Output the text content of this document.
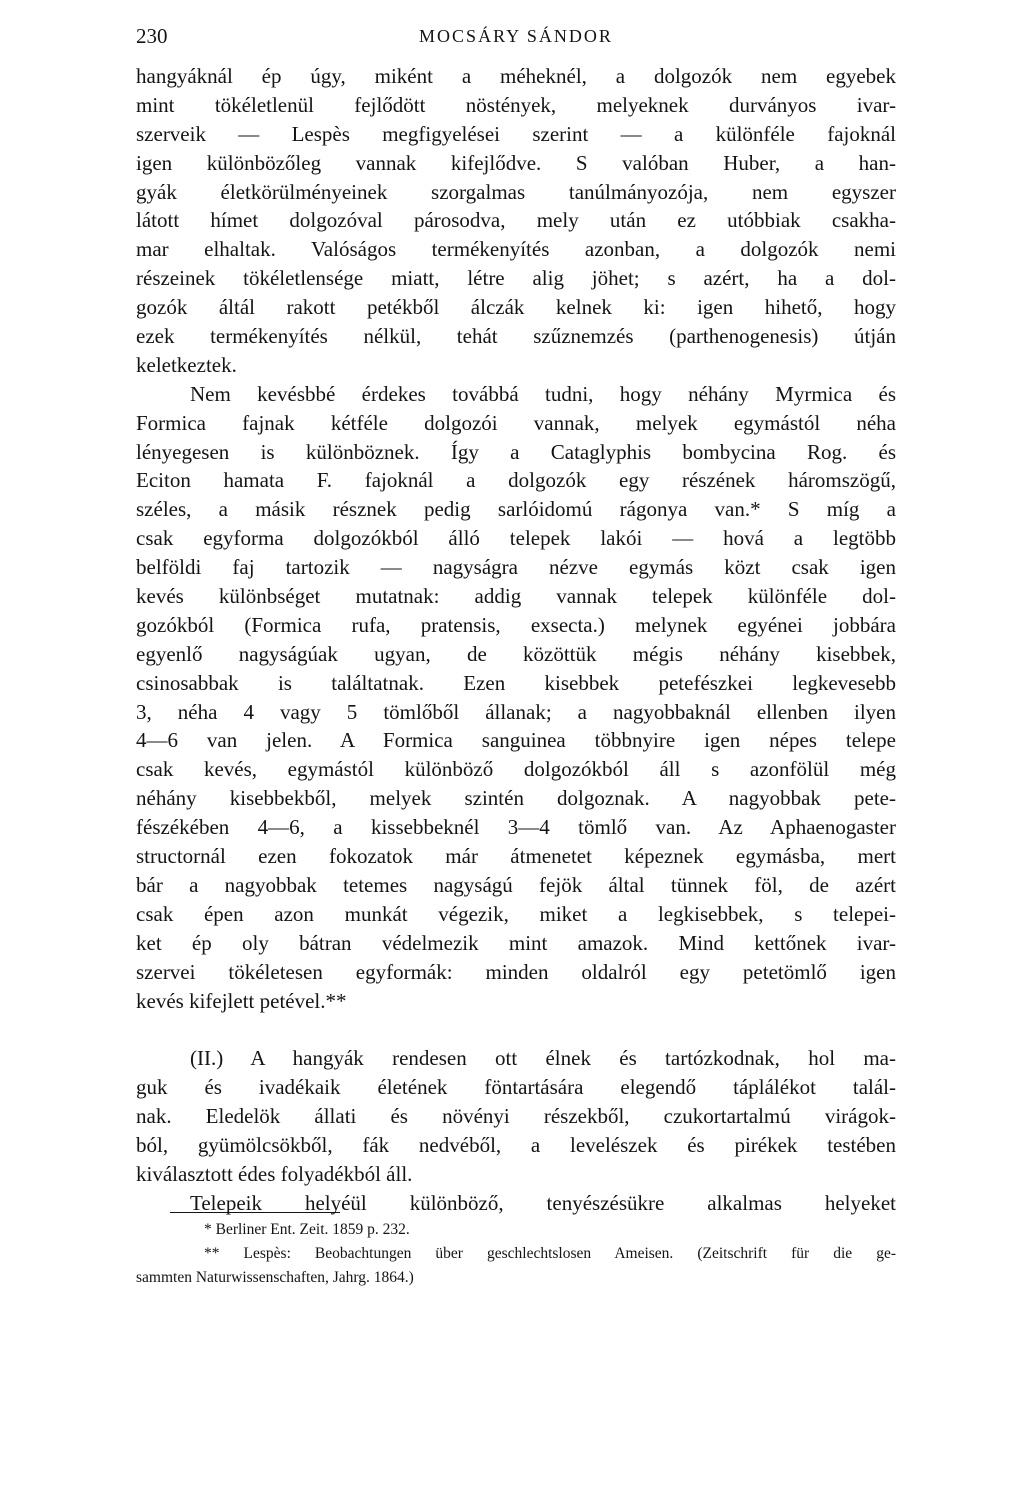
230	MOCSÁRY SÁNDOR
hangyáknál ép úgy, miként a méheknél, a dolgozók nem egyebek
mint tökéletlenül fejlődött nöstények, melyeknek durványos ivar-
szerveik — Lespès megfigyelései szerint — a különféle fajoknál
igen különbözőleg vannak kifejlődve. S valóban Huber, a han-
gyák életkörülményeinek szorgalmas tanúlmányozója, nem egyszer
látott hímet dolgozóval párosodva, mely után ez utóbbiak csakha-
mar elhaltak. Valóságos termékenyítés azonban, a dolgozók nemi
részeinek tökéletlensége miatt, létre alig jöhet; s azért, ha a dol-
gozók áltál rakott petékből álczák kelnek ki: igen hihető, hogy
ezek termékenyítés nélkül, tehát szűznemzés (parthenogenesis) útján
keletkeztek.
Nem kevésbbé érdekes továbbá tudni, hogy néhány Myrmica és
Formica fajnak kétféle dolgozói vannak, melyek egymástól néha
lényegesen is különböznek. Így a Cataglyphis bombycina Rog. és
Eciton hamata F. fajoknál a dolgozók egy részének háromszögű,
széles, a másik résznek pedig sarlóidomú rágonya van.* S míg a
csak egyforma dolgozókból álló telepek lakói — hová a legtöbb
belföldi faj tartozik — nagyságra nézve egymás közt csak igen
kevés különbséget mutatnak: addig vannak telepek különféle dol-
gozókból (Formica rufa, pratensis, exsecta.) melynek egyénei jobbára
egyenlő nagyságúak ugyan, de közöttük mégis néhány kisebbek,
csinosabbak is találtatnak. Ezen kisebbek petefészkei legkevesebb
3, néha 4 vagy 5 tömlőből állanak; a nagyobbaknál ellenben ilyen
4—6 van jelen. A Formica sanguinea többnyire igen népes telepe
csak kevés, egymástól különböző dolgozókból áll s azonfölül még
néhány kisebbekből, melyek szintén dolgoznak. A nagyobbak pete-
fészékében 4—6, a kissebbeknél 3—4 tömlő van. Az Aphaenogaster
structornál ezen fokozatok már átmenetet képeznek egymásba, mert
bár a nagyobbak tetemes nagyságú fejök által tünnek föl, de azért
csak épen azon munkát végezik, miket a legkisebbek, s telepei-
ket ép oly bátran védelmezik mint amazok. Mind kettőnek ivar-
szervei tökéletesen egyformák: minden oldalról egy petetömlő igen
kevés kifejlett petével.**
(II.) A hangyák rendesen ott élnek és tartózkodnak, hol ma-
guk és ivadékaik életének föntartására elegendő táplálékot talál-
nak. Eledelök állati és növényi részekből, czukortartalmú virágok-
ból, gyümölcsökből, fák nedvéből, a levelészek és pirékek testében
kiválasztott édes folyadékból áll.
Telepeik helyéül különböző, tenyészésükre alkalmas helyeket
* Berliner Ent. Zeit. 1859 p. 232.
** Lespès: Beobachtungen über geschlechtslosen Ameisen. (Zeitschrift für die ge-
sammten Naturwissenschaften, Jahrg. 1864.)
